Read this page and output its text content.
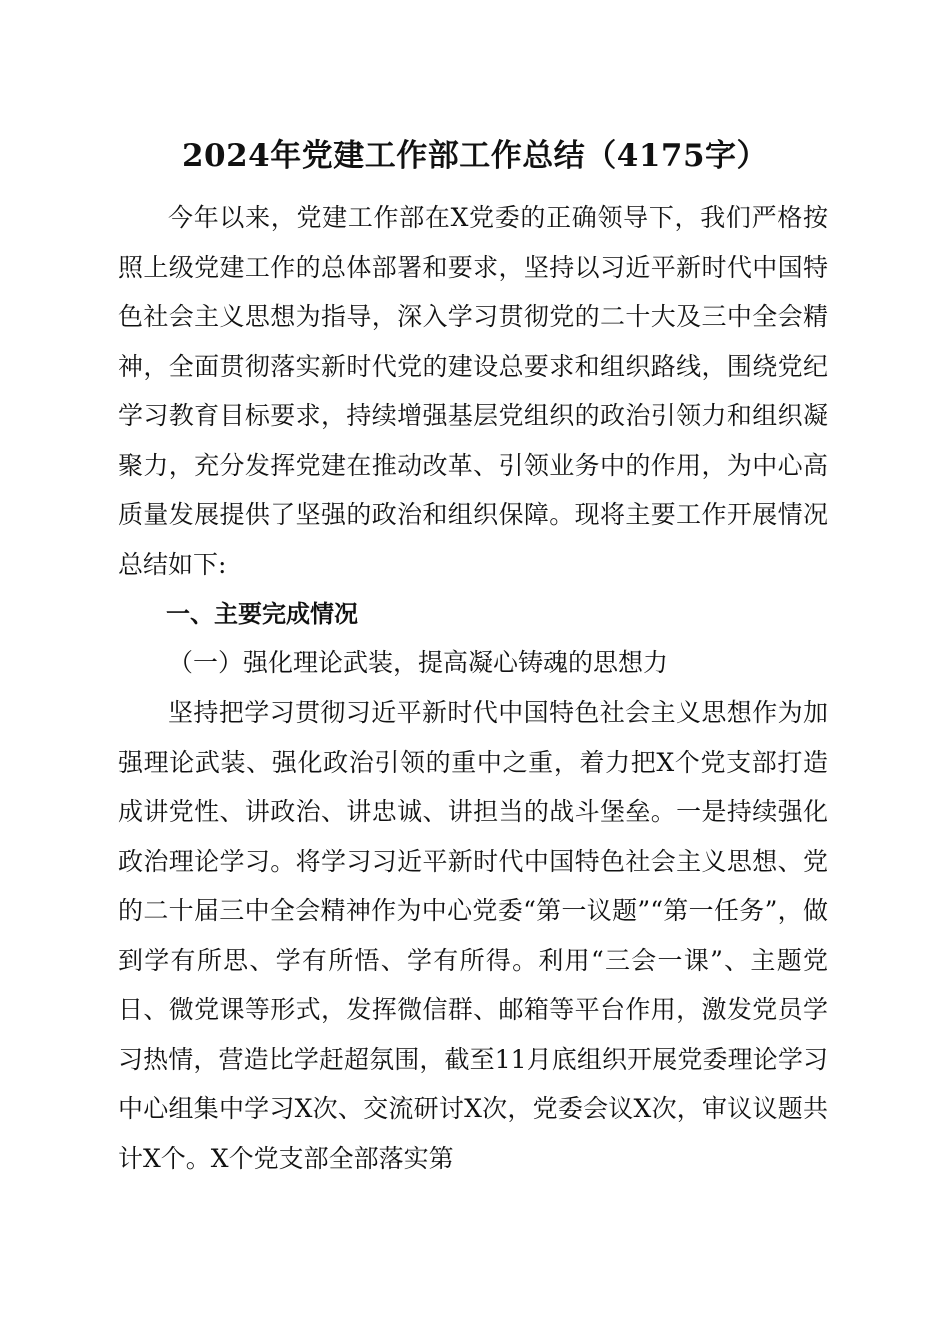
2024年党建工作部工作总结（4175字）

今年以来，党建工作部在X党委的正确领导下，我们严格按照上级党建工作的总体部署和要求，坚持以习近平新时代中国特色社会主义思想为指导，深入学习贯彻党的二十大及三中全会精神，全面贯彻落实新时代党的建设总要求和组织路线，围绕党纪学习教育目标要求，持续增强基层党组织的政治引领力和组织凝聚力，充分发挥党建在推动改革、引领业务中的作用，为中心高质量发展提供了坚强的政治和组织保障。现将主要工作开展情况总结如下:

一、主要完成情况

（一）强化理论武装，提高凝心铸魂的思想力

坚持把学习贯彻习近平新时代中国特色社会主义思想作为加强理论武装、强化政治引领的重中之重，着力把X个党支部打造成讲党性、讲政治、讲忠诚、讲担当的战斗堡垒。一是持续强化政治理论学习。将学习习近平新时代中国特色社会主义思想、党的二十届三中全会精神作为中心党委“第一议题”“第一任务”，做到学有所思、学有所悟、学有所得。利用“三会一课”、主题党日、微党课等形式，发挥微信群、邮箱等平台作用，激发党员学习热情，营造比学赶超氛围，截至11月底组织开展党委理论学习中心组集中学习X次、交流研讨X次，党委会议X次，审议议题共计X个。X个党支部全部落实第
